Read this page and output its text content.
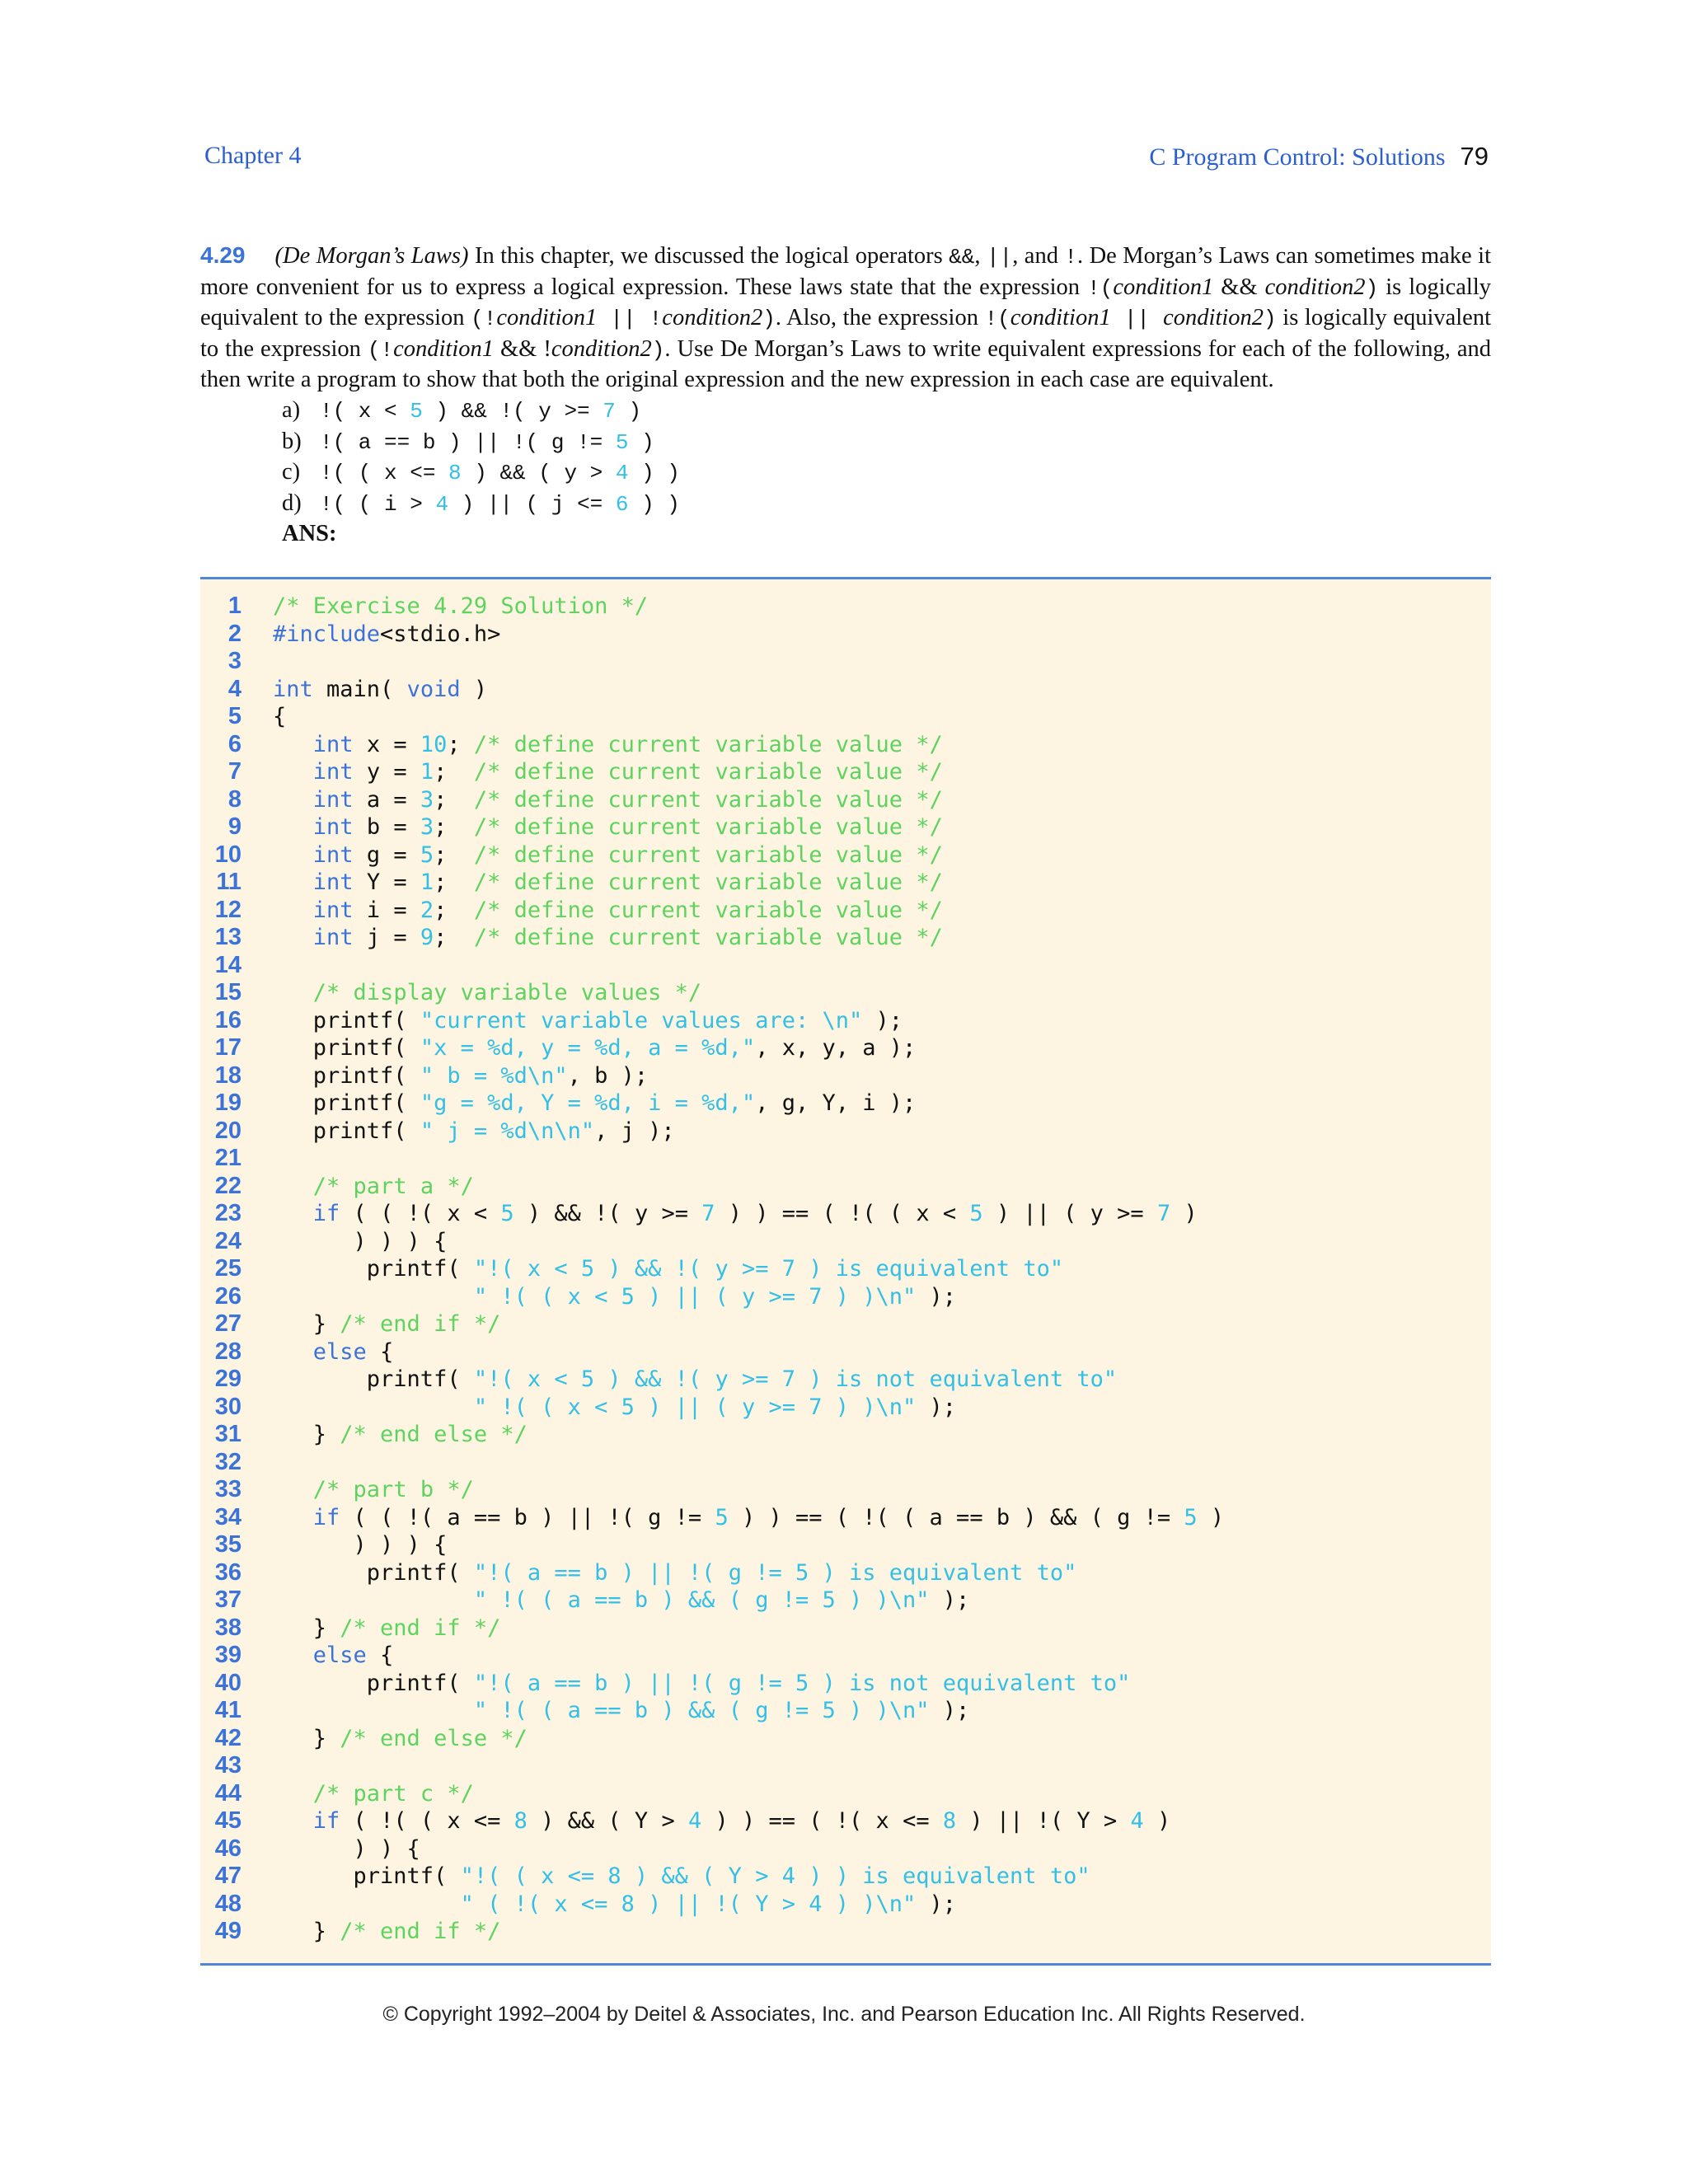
Chapter 4	C Program Control: Solutions 79
4.29 (De Morgan’s Laws) In this chapter, we discussed the logical operators &&, ||, and !. De Morgan’s Laws can sometimes make it more convenient for us to express a logical expression. These laws state that the expression !(condition1 && condition2) is logically equivalent to the expression (!condition1 || !condition2). Also, the expression !(condition1 || condition2) is logically equivalent to the expression (!condition1 && !condition2). Use De Morgan’s Laws to write equivalent expressions for each of the following, and then write a program to show that both the original expression and the new expression in each case are equivalent.
a) !( x < 5 ) && !( y >= 7 )
b) !( a == b ) || !( g != 5 )
c) !( ( x <= 8 ) && ( y > 4 ) )
d) !( ( i > 4 ) || ( j <= 6 ) )
ANS:
1 /* Exercise 4.29 Solution */
2 #include<stdio.h>
3
4 int main( void )
5 {
6	int x = 10; /* define current variable value */
7	int y = 1;  /* define current variable value */
8	int a = 3;  /* define current variable value */
9	int b = 3;  /* define current variable value */
10	int g = 5;  /* define current variable value */
11	int Y = 1;  /* define current variable value */
12	int i = 2;  /* define current variable value */
13	int j = 9;  /* define current variable value */
14
15	/* display variable values */
16 printf( "current variable values are: \n" );
17 printf( "x = %d, y = %d, a = %d,", x, y, a );
18 printf( " b = %d\n", b );
19 printf( "g = %d, Y = %d, i = %d,", g, Y, i );
20 printf( " j = %d\n\n", j );
21
22	/* part a */
23	if ( ( !( x < 5 ) && !( y >= 7 ) ) == ( !( ( x < 5 ) || ( y >= 7 )
24 ) ) ) {
25 printf( "!( x < 5 ) && !( y >= 7 ) is equivalent to"
26	" !( ( x < 5 ) || ( y >= 7 ) )\n" );
27 } /* end if */
28	else {
29 printf( "!( x < 5 ) && !( y >= 7 ) is not equivalent to"
30	" !( ( x < 5 ) || ( y >= 7 ) )\n" );
31 } /* end else */
32
33	/* part b */
34	if ( ( !( a == b ) || !( g != 5 ) ) == ( !( ( a == b ) && ( g != 5 )
35 ) ) ) {
36 printf( "!( a == b ) || !( g != 5 ) is equivalent to"
37	" !( ( a == b ) && ( g != 5 ) )\n" );
38 } /* end if */
39	else {
40 printf( "!( a == b ) || !( g != 5 ) is not equivalent to"
41	" !( ( a == b ) && ( g != 5 ) )\n" );
42 } /* end else */
43
44	/* part c */
45	if ( !( ( x <= 8 ) && ( Y > 4 ) ) == ( !( x <= 8 ) || !( Y > 4 )
46 ) ) {
47 printf( "!( ( x <= 8 ) && ( Y > 4 ) ) is equivalent to"
48	" ( !( x <= 8 ) || !( Y > 4 ) )\n" );
49 } /* end if */
© Copyright 1992–2004 by Deitel & Associates, Inc. and Pearson Education Inc. All Rights Reserved.
